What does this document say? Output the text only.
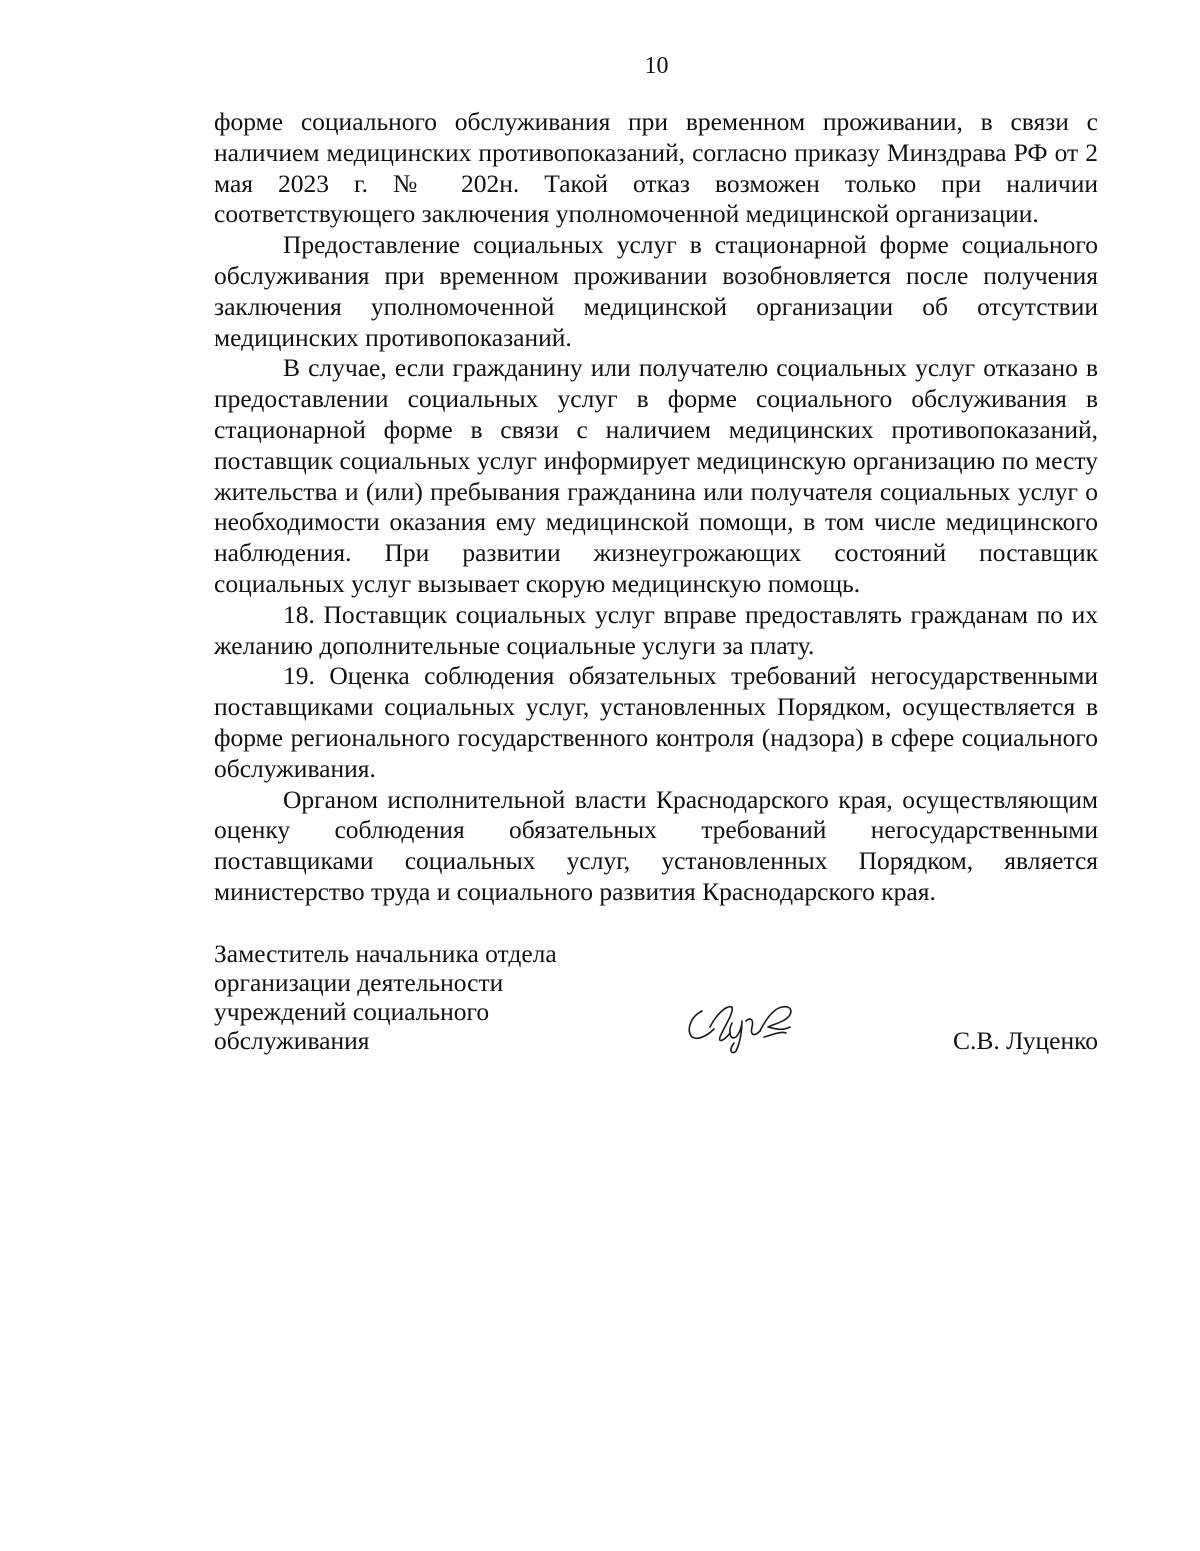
10

форме социального обслуживания при временном проживании, в связи с наличием медицинских противопоказаний, согласно приказу Минздрава РФ от 2 мая 2023 г. № 202н. Такой отказ возможен только при наличии соответствующего заключения уполномоченной медицинской организации.

Предоставление социальных услуг в стационарной форме социального обслуживания при временном проживании возобновляется после получения заключения уполномоченной медицинской организации об отсутствии медицинских противопоказаний.

В случае, если гражданину или получателю социальных услуг отказано в предоставлении социальных услуг в форме социального обслуживания в стационарной форме в связи с наличием медицинских противопоказаний, поставщик социальных услуг информирует медицинскую организацию по месту жительства и (или) пребывания гражданина или получателя социальных услуг о необходимости оказания ему медицинской помощи, в том числе медицинского наблюдения. При развитии жизнеугрожающих состояний поставщик социальных услуг вызывает скорую медицинскую помощь.

18. Поставщик социальных услуг вправе предоставлять гражданам по их желанию дополнительные социальные услуги за плату.

19. Оценка соблюдения обязательных требований негосударственными поставщиками социальных услуг, установленных Порядком, осуществляется в форме регионального государственного контроля (надзора) в сфере социального обслуживания.

Органом исполнительной власти Краснодарского края, осуществляющим оценку соблюдения обязательных требований негосударственными поставщиками социальных услуг, установленных Порядком, является министерство труда и социального развития Краснодарского края.

Заместитель начальника отдела
организации деятельности
учреждений социального
обслуживания	С.В. Луценко
